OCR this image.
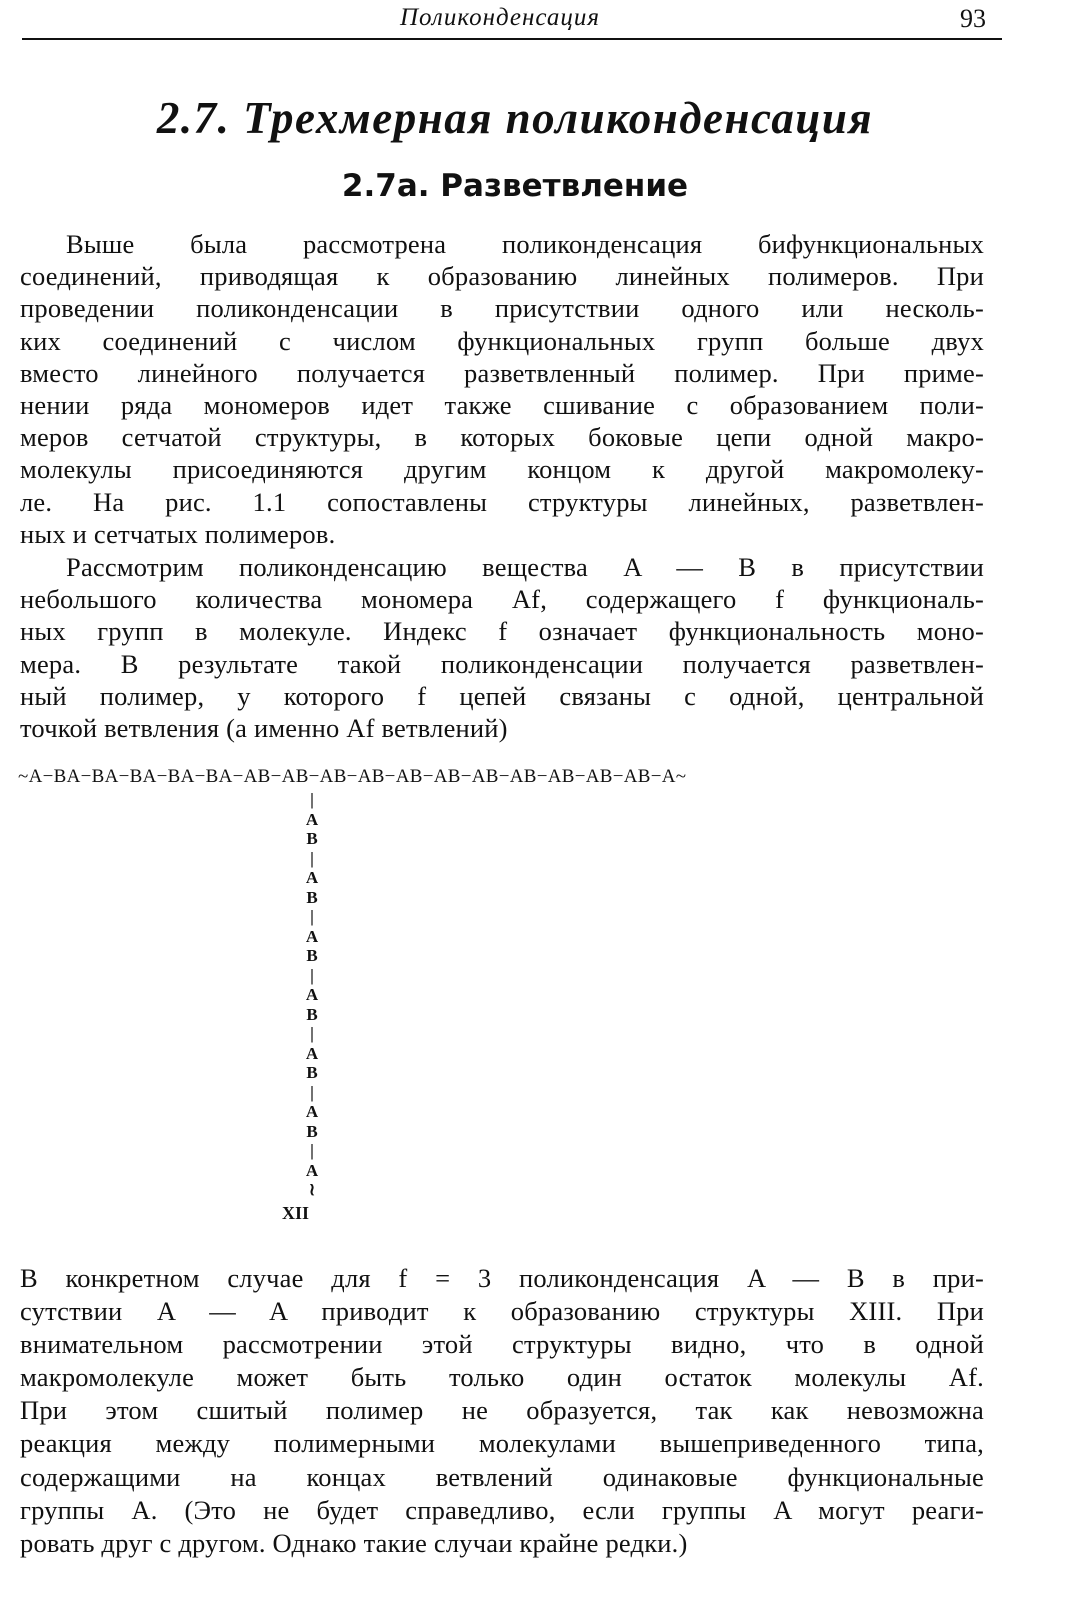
Поликонденсация	93
2.7. Трехмерная поликонденсация
2.7а. Разветвление
Выше была рассмотрена поликонденсация бифункциональных
соединений, приводящая к образованию линейных полимеров. При
проведении поликонденсации в присутствии одного или несколь-
ких соединений с числом функциональных групп больше двух
вместо линейного получается разветвленный полимер. При приме-
нении ряда мономеров идет также сшивание с образованием поли-
меров сетчатой структуры, в которых боковые цепи одной макро-
молекулы присоединяются другим концом к другой макромолеку-
ле. На рис. 1.1 сопоставлены структуры линейных, разветвлен-
ных и сетчатых полимеров.
Рассмотрим поликонденсацию вещества A — B в присутствии
небольшого количества мономера Af, содержащего f функциональ-
ных групп в молекуле. Индекс f означает функциональность моно-
мера. В результате такой поликонденсации получается разветвлен-
ный полимер, у которого f цепей связаны с одной, центральной
точкой ветвления (а именно Af ветвлений)
~A−BA−BA−BA−BA−BA−AB−AB−AB−AB−AB−AB−AB−AB−AB−AB−AB−A~
|
A
B
|
A
B
|
A
B
|
A
B
|
A
B
|
A
B
|
A
≀
XII
В конкретном случае для f = 3 поликонденсация A — B в при-
сутствии A — A приводит к образованию структуры XIII. При
внимательном рассмотрении этой структуры видно, что в одной
макромолекуле может быть только один остаток молекулы Af.
При этом сшитый полимер не образуется, так как невозможна
реакция между полимерными молекулами вышеприведенного типа,
содержащими на концах ветвлений одинаковые функциональные
группы A. (Это не будет справедливо, если группы A могут реаги-
ровать друг с другом. Однако такие случаи крайне редки.)
